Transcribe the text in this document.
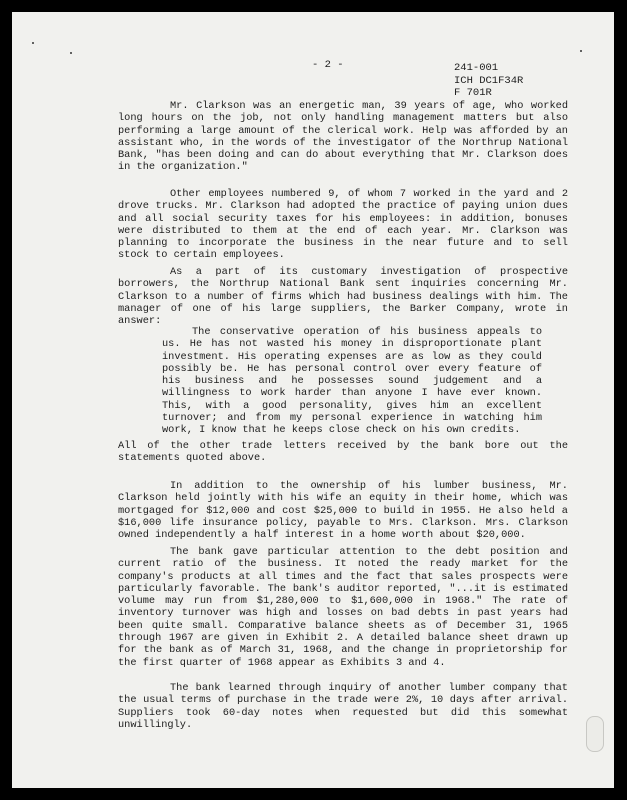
- 2 -	241-001
ICH DC1F34R
F 701R

Mr. Clarkson was an energetic man, 39 years of age, who worked long hours on the job, not only handling management matters but also performing a large amount of the clerical work. Help was afforded by an assistant who, in the words of the investigator of the Northrup National Bank, "has been doing and can do about everything that Mr. Clarkson does in the organization."

Other employees numbered 9, of whom 7 worked in the yard and 2 drove trucks. Mr. Clarkson had adopted the practice of paying union dues and all social security taxes for his employees: in addition, bonuses were distributed to them at the end of each year. Mr. Clarkson was planning to incorporate the business in the near future and to sell stock to certain employees.

As a part of its customary investigation of prospective borrowers, the Northrup National Bank sent inquiries concerning Mr. Clarkson to a number of firms which had business dealings with him. The manager of one of his large suppliers, the Barker Company, wrote in answer:

The conservative operation of his business appeals to us. He has not wasted his money in disproportionate plant investment. His operating expenses are as low as they could possibly be. He has personal control over every feature of his business and he possesses sound judgement and a willingness to work harder than anyone I have ever known. This, with a good personality, gives him an excellent turnover; and from my personal experience in watching him work, I know that he keeps close check on his own credits.

All of the other trade letters received by the bank bore out the statements quoted above.

In addition to the ownership of his lumber business, Mr. Clarkson held jointly with his wife an equity in their home, which was mortgaged for $12,000 and cost $25,000 to build in 1955. He also held a $16,000 life insurance policy, payable to Mrs. Clarkson. Mrs. Clarkson owned independently a half interest in a home worth about $20,000.

The bank gave particular attention to the debt position and current ratio of the business. It noted the ready market for the company's products at all times and the fact that sales prospects were particularly favorable. The bank's auditor reported, "...it is estimated volume may run from $1,280,000 to $1,600,000 in 1968." The rate of inventory turnover was high and losses on bad debts in past years had been quite small. Comparative balance sheets as of December 31, 1965 through 1967 are given in Exhibit 2. A detailed balance sheet drawn up for the bank as of March 31, 1968, and the change in proprietorship for the first quarter of 1968 appear as Exhibits 3 and 4.

The bank learned through inquiry of another lumber company that the usual terms of purchase in the trade were 2%, 10 days after arrival. Suppliers took 60-day notes when requested but did this somewhat unwillingly.
